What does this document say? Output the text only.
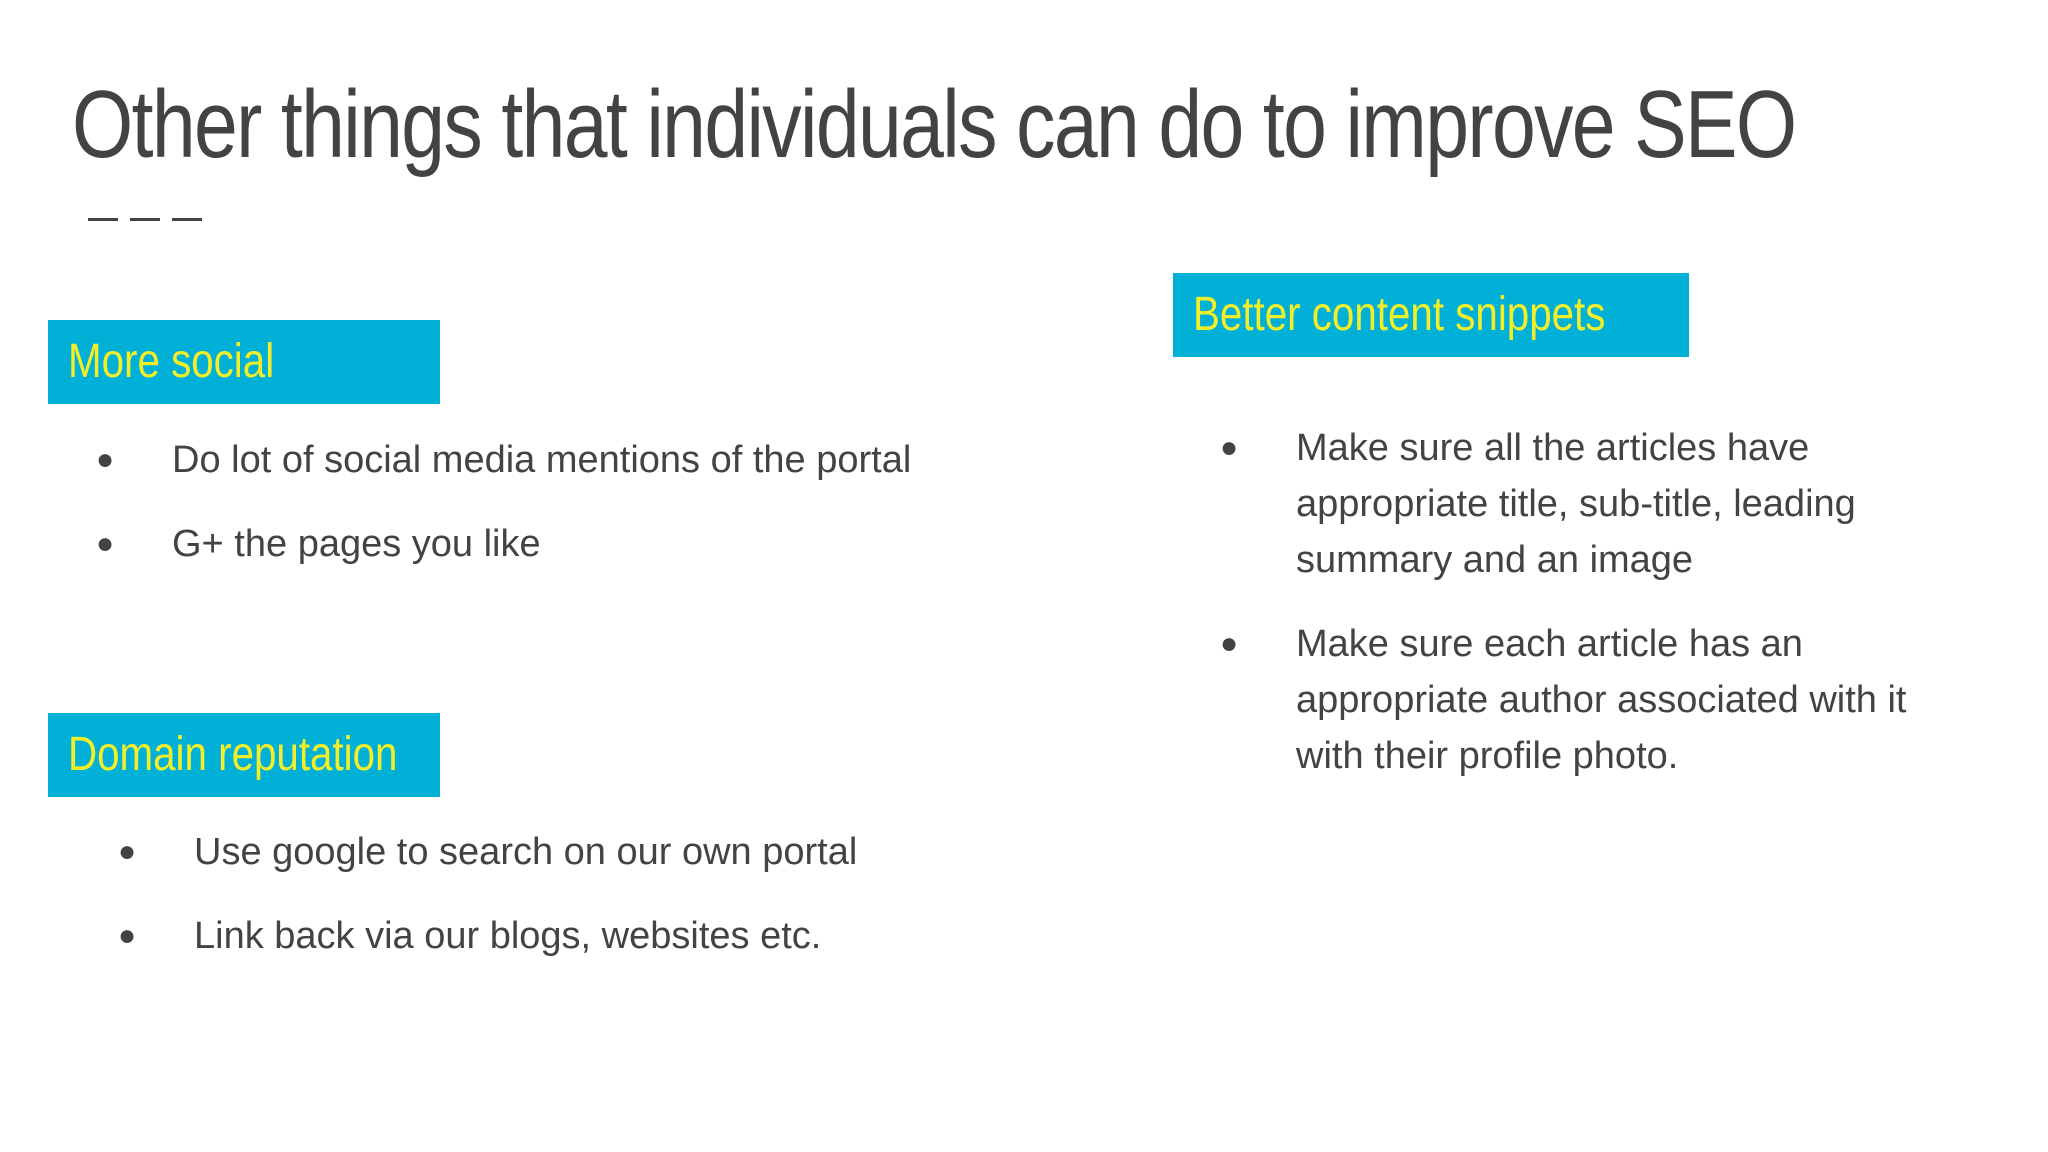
Other things that individuals can do to improve SEO
More social
● Do lot of social media mentions of the portal
● G+ the pages you like
Domain reputation
● Use google to search on our own portal
● Link back via our blogs, websites etc.
Better content snippets
● Make sure all the articles have appropriate title, sub-title, leading summary and an image
● Make sure each article has an appropriate author associated with it with their profile photo.
